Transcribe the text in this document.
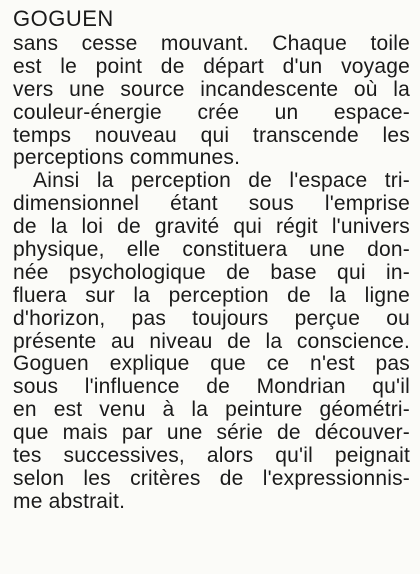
GOGUEN
sans cesse mouvant. Chaque toile
est le point de départ d'un voyage
vers une source incandescente où la
couleur-énergie crée un espace-
temps nouveau qui transcende les
perceptions communes.
Ainsi la perception de l'espace tri-
dimensionnel étant sous l'emprise
de la loi de gravité qui régit l'univers
physique, elle constituera une don-
née psychologique de base qui in-
fluera sur la perception de la ligne
d'horizon, pas toujours perçue ou
présente au niveau de la conscience.
Goguen explique que ce n'est pas
sous l'influence de Mondrian qu'il
en est venu à la peinture géométri-
que mais par une série de découver-
tes successives, alors qu'il peignait
selon les critères de l'expressionnis-
me abstrait.
